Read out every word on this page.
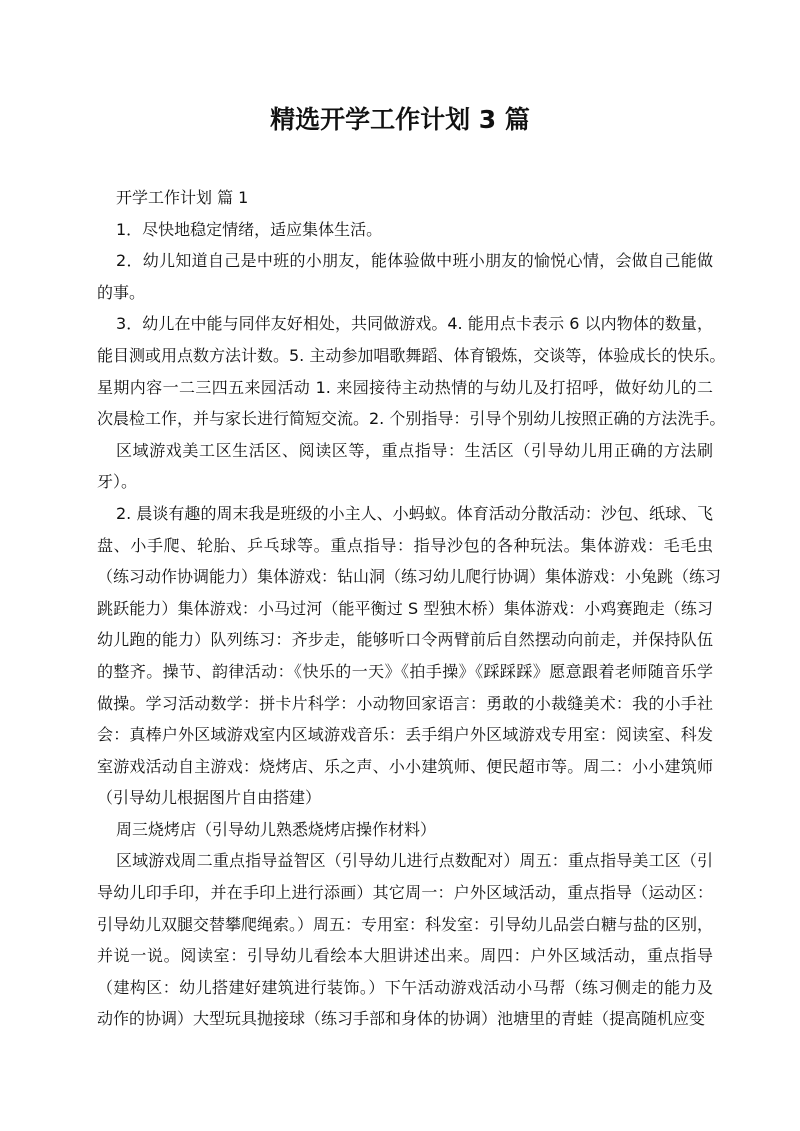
精选开学工作计划 3 篇

开学工作计划 篇 1

1．尽快地稳定情绪，适应集体生活。

2．幼儿知道自己是中班的小朋友，能体验做中班小朋友的愉悦心情，会做自己能做
的事。

3．幼儿在中能与同伴友好相处，共同做游戏。4. 能用点卡表示 6 以内物体的数量，
能目测或用点数方法计数。5. 主动参加唱歌舞蹈、体育锻炼，交谈等，体验成长的快乐。
星期内容一二三四五来园活动 1. 来园接待主动热情的与幼儿及打招呼，做好幼儿的二
次晨检工作，并与家长进行简短交流。2. 个别指导：引导个别幼儿按照正确的方法洗手。

区域游戏美工区生活区、阅读区等，重点指导：生活区（引导幼儿用正确的方法刷
牙）。

2. 晨谈有趣的周末我是班级的小主人、小蚂蚁。体育活动分散活动：沙包、纸球、飞
盘、小手爬、轮胎、乒乓球等。重点指导：指导沙包的各种玩法。集体游戏：毛毛虫
（练习动作协调能力）集体游戏：钻山洞（练习幼儿爬行协调）集体游戏：小兔跳（练习
跳跃能力）集体游戏：小马过河（能平衡过 S 型独木桥）集体游戏：小鸡赛跑走（练习
幼儿跑的能力）队列练习：齐步走，能够听口令两臂前后自然摆动向前走，并保持队伍
的整齐。操节、韵律活动：《快乐的一天》《拍手操》《踩踩踩》愿意跟着老师随音乐学
做操。学习活动数学：拼卡片科学：小动物回家语言：勇敢的小裁缝美术：我的小手社
会：真棒户外区域游戏室内区域游戏音乐：丢手绢户外区域游戏专用室：阅读室、科发
室游戏活动自主游戏：烧烤店、乐之声、小小建筑师、便民超市等。周二：小小建筑师
（引导幼儿根据图片自由搭建）

周三烧烤店（引导幼儿熟悉烧烤店操作材料）

区域游戏周二重点指导益智区（引导幼儿进行点数配对）周五：重点指导美工区（引
导幼儿印手印，并在手印上进行添画）其它周一：户外区域活动，重点指导（运动区：
引导幼儿双腿交替攀爬绳索。）周五：专用室：科发室：引导幼儿品尝白糖与盐的区别，
并说一说。阅读室：引导幼儿看绘本大胆讲述出来。周四：户外区域活动，重点指导
（建构区：幼儿搭建好建筑进行装饰。）下午活动游戏活动小马帮（练习侧走的能力及
动作的协调）大型玩具抛接球（练习手部和身体的协调）池塘里的青蛙（提高随机应变
